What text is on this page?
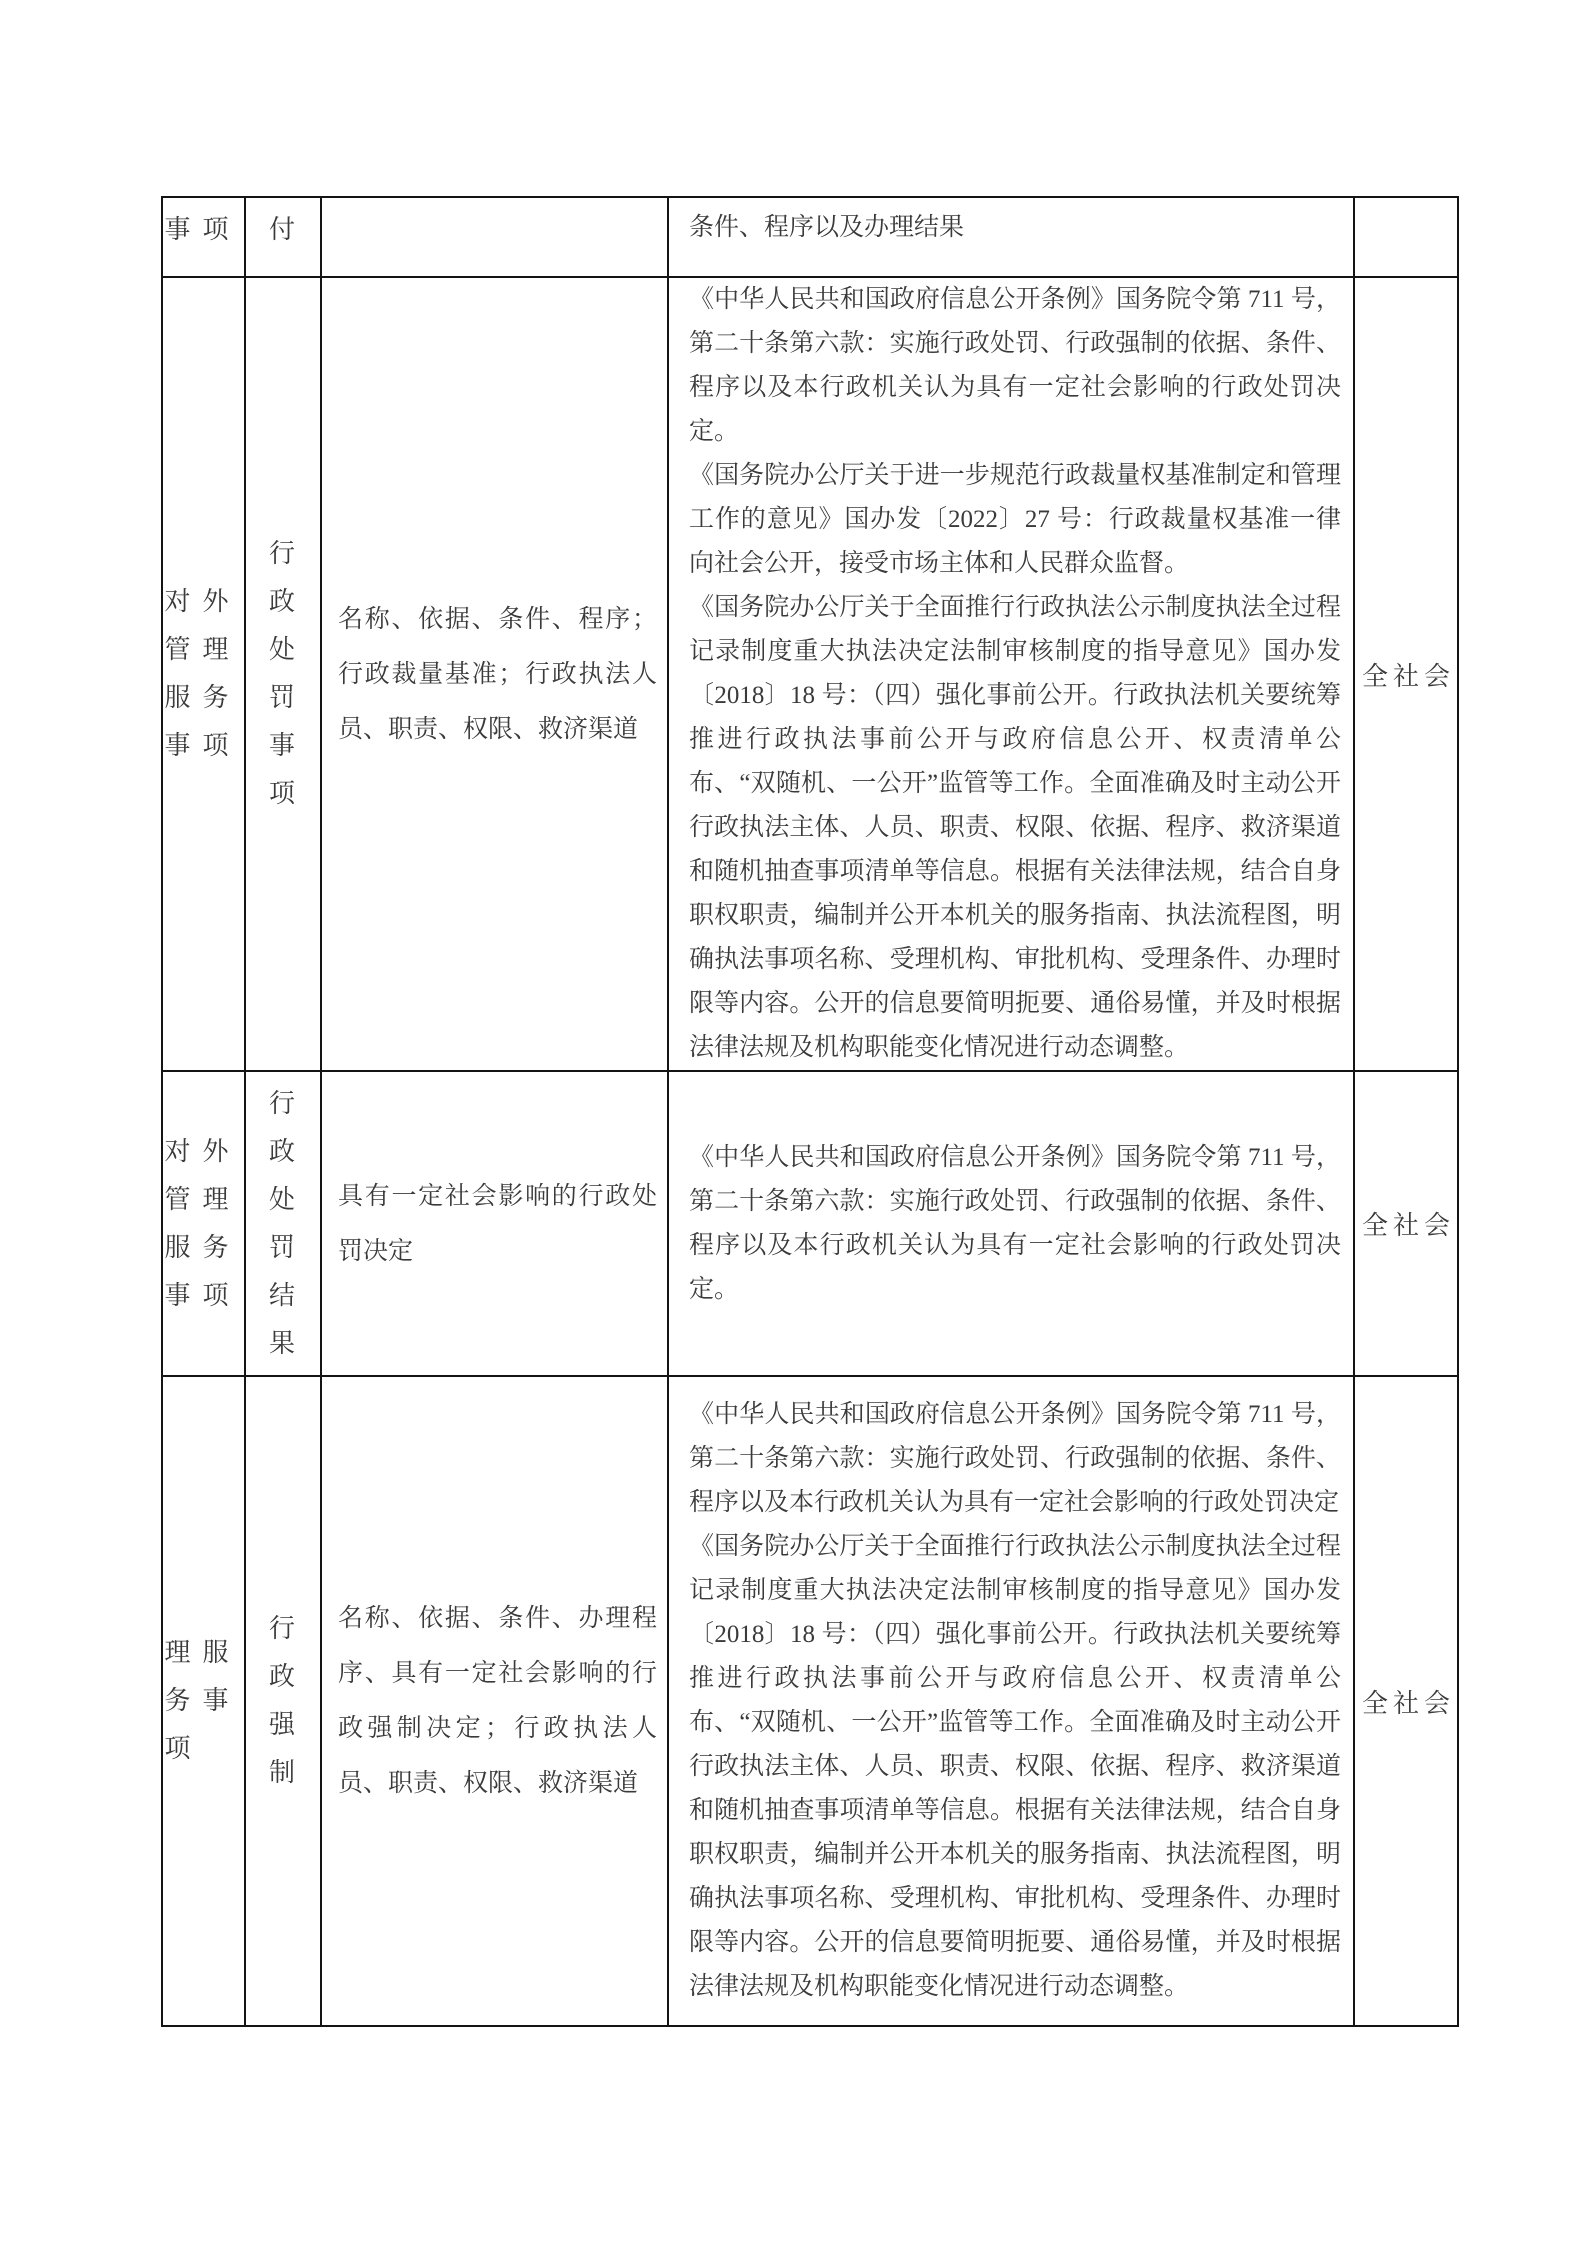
事项	付		条件、程序以及办理结果	

对外管理服务事项	行政处罚事项	名称、依据、条件、程序；行政裁量基准；行政执法人员、职责、权限、救济渠道	《中华人民共和国政府信息公开条例》国务院令第 711 号，第二十条第六款：实施行政处罚、行政强制的依据、条件、程序以及本行政机关认为具有一定社会影响的行政处罚决定。

《国务院办公厅关于进一步规范行政裁量权基准制定和管理工作的意见》国办发〔2022〕27 号：行政裁量权基准一律向社会公开，接受市场主体和人民群众监督。

《国务院办公厅关于全面推行行政执法公示制度执法全过程记录制度重大执法决定法制审核制度的指导意见》国办发〔2018〕18 号：（四）强化事前公开。行政执法机关要统筹推进行政执法事前公开与政府信息公开、权责清单公布、“双随机、一公开”监管等工作。全面准确及时主动公开行政执法主体、人员、职责、权限、依据、程序、救济渠道和随机抽查事项清单等信息。根据有关法律法规，结合自身职权职责，编制并公开本机关的服务指南、执法流程图，明确执法事项名称、受理机构、审批机构、受理条件、办理时限等内容。公开的信息要简明扼要、通俗易懂，并及时根据法律法规及机构职能变化情况进行动态调整。	全社会

对外管理服务事项	行政处罚结果	具有一定社会影响的行政处罚决定	《中华人民共和国政府信息公开条例》国务院令第 711 号，第二十条第六款：实施行政处罚、行政强制的依据、条件、程序以及本行政机关认为具有一定社会影响的行政处罚决定。	全社会

理服务事项	行政强制	名称、依据、条件、办理程序、具有一定社会影响的行政强制决定；行政执法人员、职责、权限、救济渠道	《中华人民共和国政府信息公开条例》国务院令第 711 号，第二十条第六款：实施行政处罚、行政强制的依据、条件、程序以及本行政机关认为具有一定社会影响的行政处罚决定

《国务院办公厅关于全面推行行政执法公示制度执法全过程记录制度重大执法决定法制审核制度的指导意见》国办发〔2018〕18 号：（四）强化事前公开。行政执法机关要统筹推进行政执法事前公开与政府信息公开、权责清单公布、“双随机、一公开”监管等工作。全面准确及时主动公开行政执法主体、人员、职责、权限、依据、程序、救济渠道和随机抽查事项清单等信息。根据有关法律法规，结合自身职权职责，编制并公开本机关的服务指南、执法流程图，明确执法事项名称、受理机构、审批机构、受理条件、办理时限等内容。公开的信息要简明扼要、通俗易懂，并及时根据法律法规及机构职能变化情况进行动态调整。	全社会
